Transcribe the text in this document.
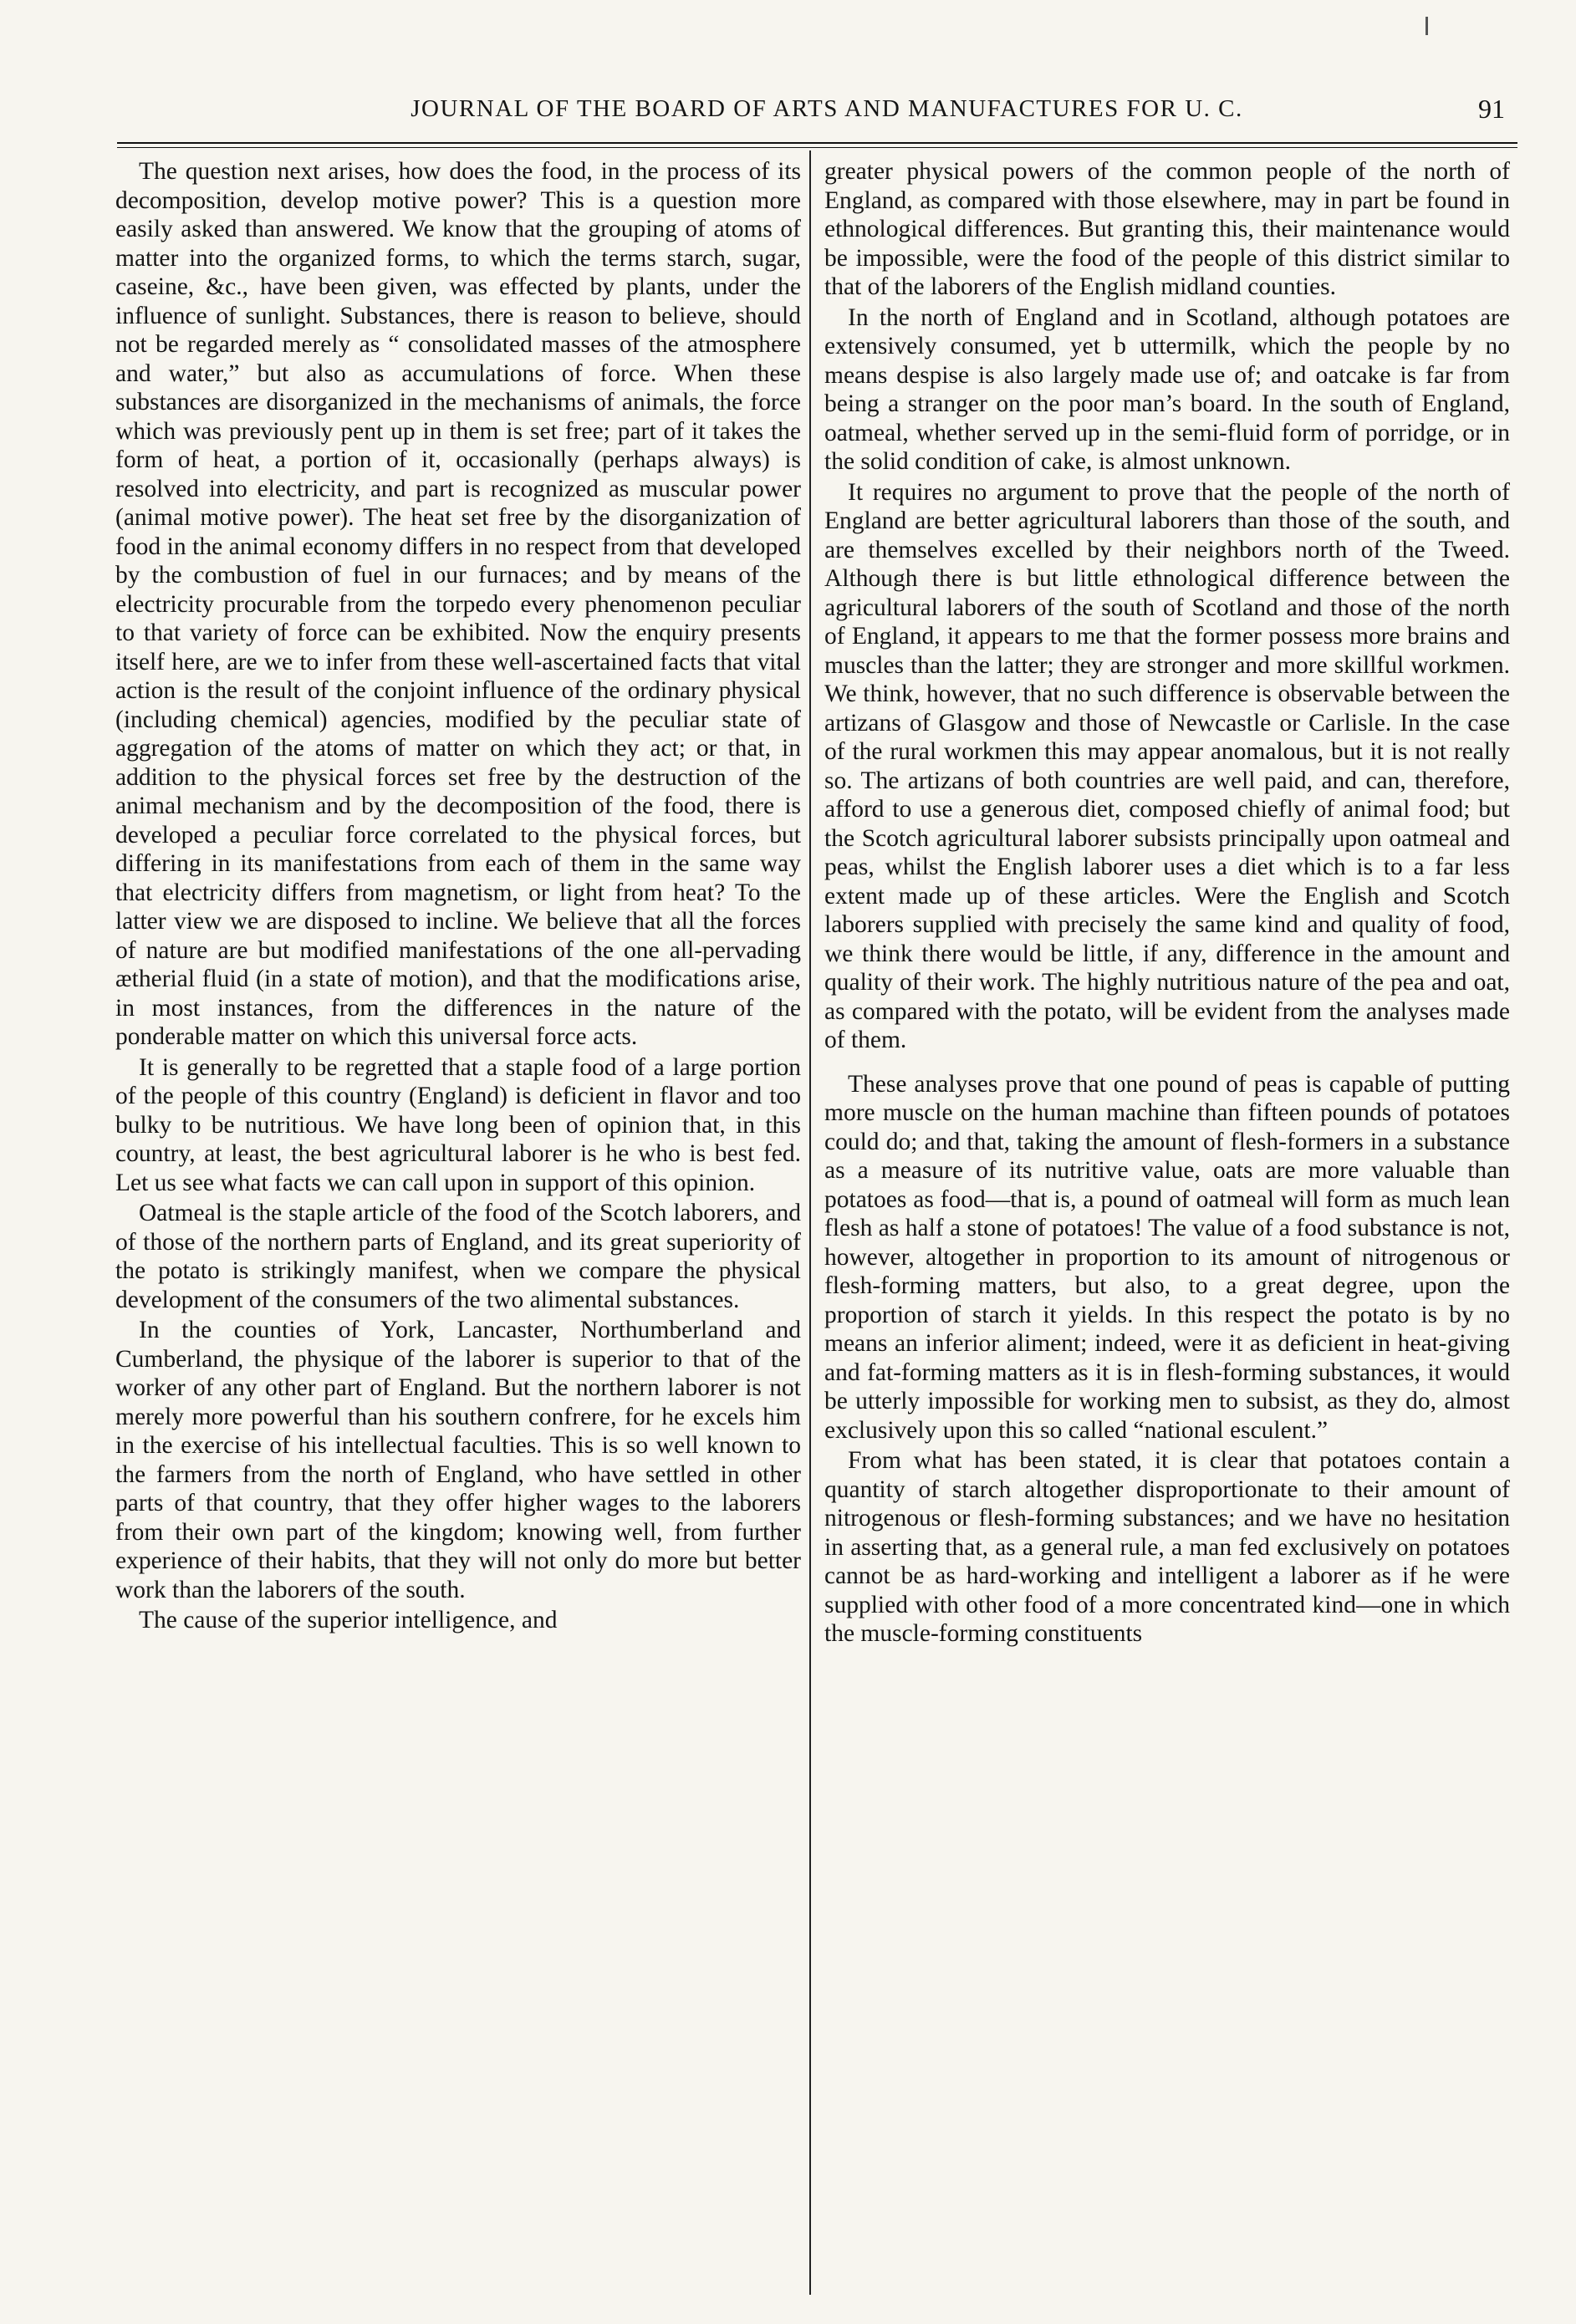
JOURNAL OF THE BOARD OF ARTS AND MANUFACTURES FOR U. C.	91

The question next arises, how does the food, in the process of its decomposition, develop motive power? This is a question more easily asked than answered. We know that the grouping of atoms of matter into the organized forms, to which the terms starch, sugar, caseine, &c., have been given, was effected by plants, under the influence of sunlight. Substances, there is reason to believe, should not be regarded merely as “ consolidated masses of the atmosphere and water,” but also as accumulations of force. When these substances are disorganized in the mechanisms of animals, the force which was previously pent up in them is set free; part of it takes the form of heat, a portion of it, occasionally (perhaps always) is resolved into electricity, and part is recognized as muscular power (animal motive power). The heat set free by the disorganization of food in the animal economy differs in no respect from that developed by the combustion of fuel in our furnaces; and by means of the electricity procurable from the torpedo every phenomenon peculiar to that variety of force can be exhibited. Now the enquiry presents itself here, are we to infer from these well-ascertained facts that vital action is the result of the conjoint influence of the ordinary physical (including chemical) agencies, modified by the peculiar state of aggregation of the atoms of matter on which they act; or that, in addition to the physical forces set free by the destruction of the animal mechanism and by the decomposition of the food, there is developed a peculiar force correlated to the physical forces, but differing in its manifestations from each of them in the same way that electricity differs from magnetism, or light from heat? To the latter view we are disposed to incline. We believe that all the forces of nature are but modified manifestations of the one all-pervading ætherial fluid (in a state of motion), and that the modifications arise, in most instances, from the differences in the nature of the ponderable matter on which this universal force acts.

It is generally to be regretted that a staple food of a large portion of the people of this country (England) is deficient in flavor and too bulky to be nutritious. We have long been of opinion that, in this country, at least, the best agricultural laborer is he who is best fed. Let us see what facts we can call upon in support of this opinion.

Oatmeal is the staple article of the food of the Scotch laborers, and of those of the northern parts of England, and its great superiority of the potato is strikingly manifest, when we compare the physical development of the consumers of the two alimental substances.

In the counties of York, Lancaster, Northumberland and Cumberland, the physique of the laborer is superior to that of the worker of any other part of England. But the northern laborer is not merely more powerful than his southern confrere, for he excels him in the exercise of his intellectual faculties. This is so well known to the farmers from the north of England, who have settled in other parts of that country, that they offer higher wages to the laborers from their own part of the kingdom; knowing well, from further experience of their habits, that they will not only do more but better work than the laborers of the south.

The cause of the superior intelligence, and

greater physical powers of the common people of the north of England, as compared with those elsewhere, may in part be found in ethnological differences. But granting this, their maintenance would be impossible, were the food of the people of this district similar to that of the laborers of the English midland counties.

In the north of England and in Scotland, although potatoes are extensively consumed, yet b uttermilk, which the people by no means despise is also largely made use of; and oatcake is far from being a stranger on the poor man’s board. In the south of England, oatmeal, whether served up in the semi-fluid form of porridge, or in the solid condition of cake, is almost unknown.

It requires no argument to prove that the people of the north of England are better agricultural laborers than those of the south, and are themselves excelled by their neighbors north of the Tweed. Although there is but little ethnological difference between the agricultural laborers of the south of Scotland and those of the north of England, it appears to me that the former possess more brains and muscles than the latter; they are stronger and more skillful workmen. We think, however, that no such difference is observable between the artizans of Glasgow and those of Newcastle or Carlisle. In the case of the rural workmen this may appear anomalous, but it is not really so. The artizans of both countries are well paid, and can, therefore, afford to use a generous diet, composed chiefly of animal food; but the Scotch agricultural laborer subsists principally upon oatmeal and peas, whilst the English laborer uses a diet which is to a far less extent made up of these articles. Were the English and Scotch laborers supplied with precisely the same kind and quality of food, we think there would be little, if any, difference in the amount and quality of their work. The highly nutritious nature of the pea and oat, as compared with the potato, will be evident from the analyses made of them.

These analyses prove that one pound of peas is capable of putting more muscle on the human machine than fifteen pounds of potatoes could do; and that, taking the amount of flesh-formers in a substance as a measure of its nutritive value, oats are more valuable than potatoes as food—that is, a pound of oatmeal will form as much lean flesh as half a stone of potatoes! The value of a food substance is not, however, altogether in proportion to its amount of nitrogenous or flesh-forming matters, but also, to a great degree, upon the proportion of starch it yields. In this respect the potato is by no means an inferior aliment; indeed, were it as deficient in heat-giving and fat-forming matters as it is in flesh-forming substances, it would be utterly impossible for working men to subsist, as they do, almost exclusively upon this so called “national esculent.”

From what has been stated, it is clear that potatoes contain a quantity of starch altogether disproportionate to their amount of nitrogenous or flesh-forming substances; and we have no hesitation in asserting that, as a general rule, a man fed exclusively on potatoes cannot be as hard-working and intelligent a laborer as if he were supplied with other food of a more concentrated kind—one in which the muscle-forming constituents
